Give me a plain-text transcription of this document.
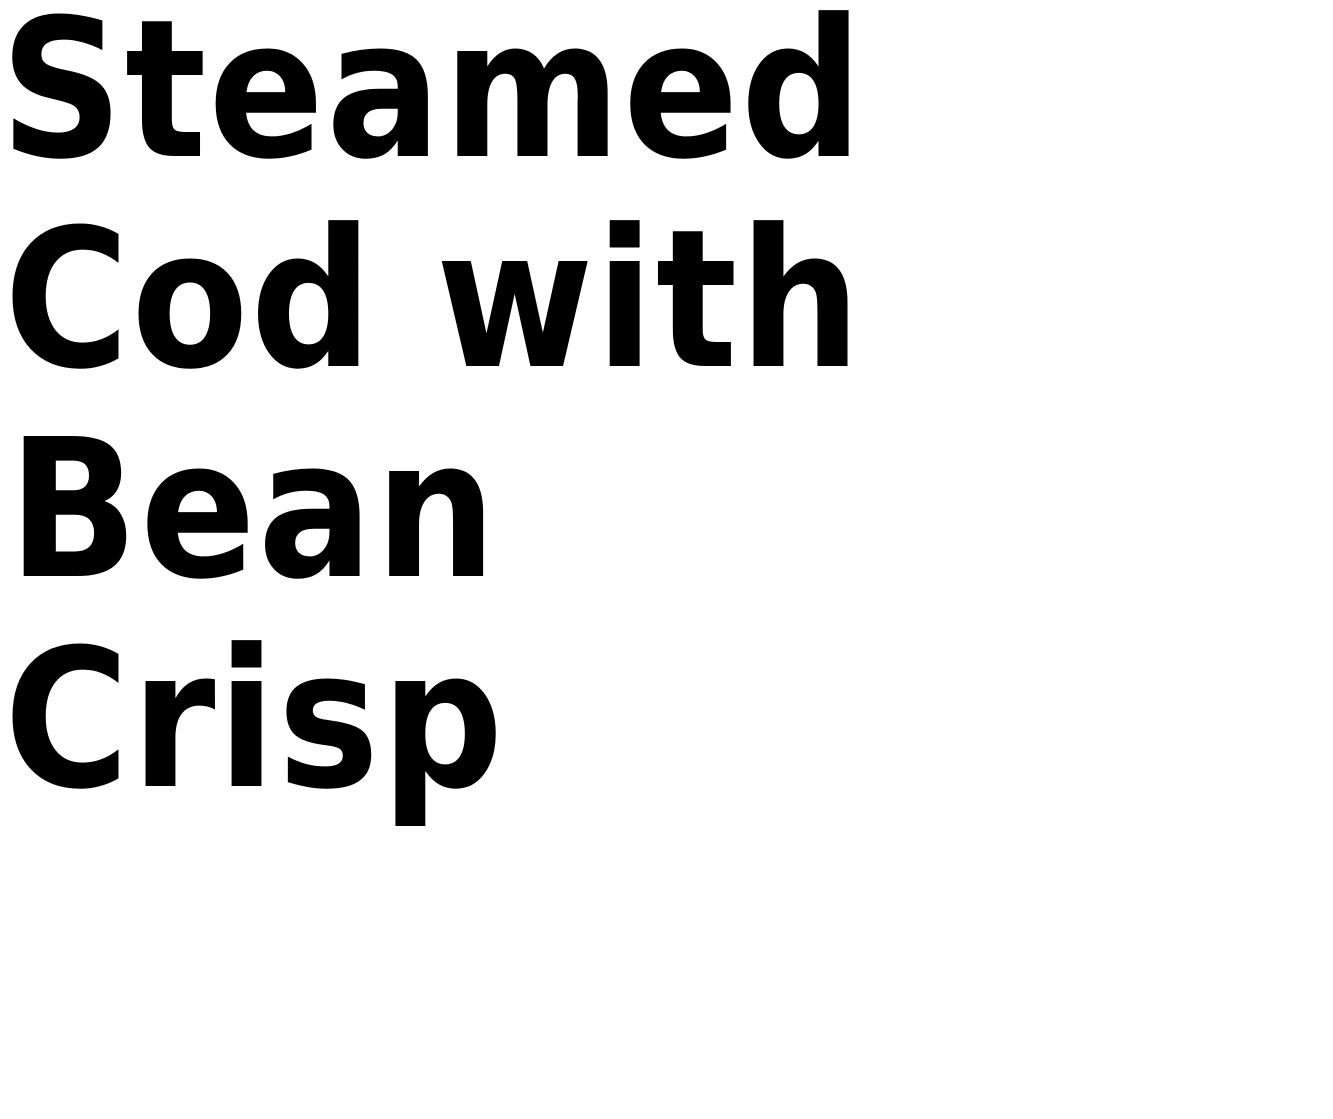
Steamed
Cod with
Bean
Crisp
